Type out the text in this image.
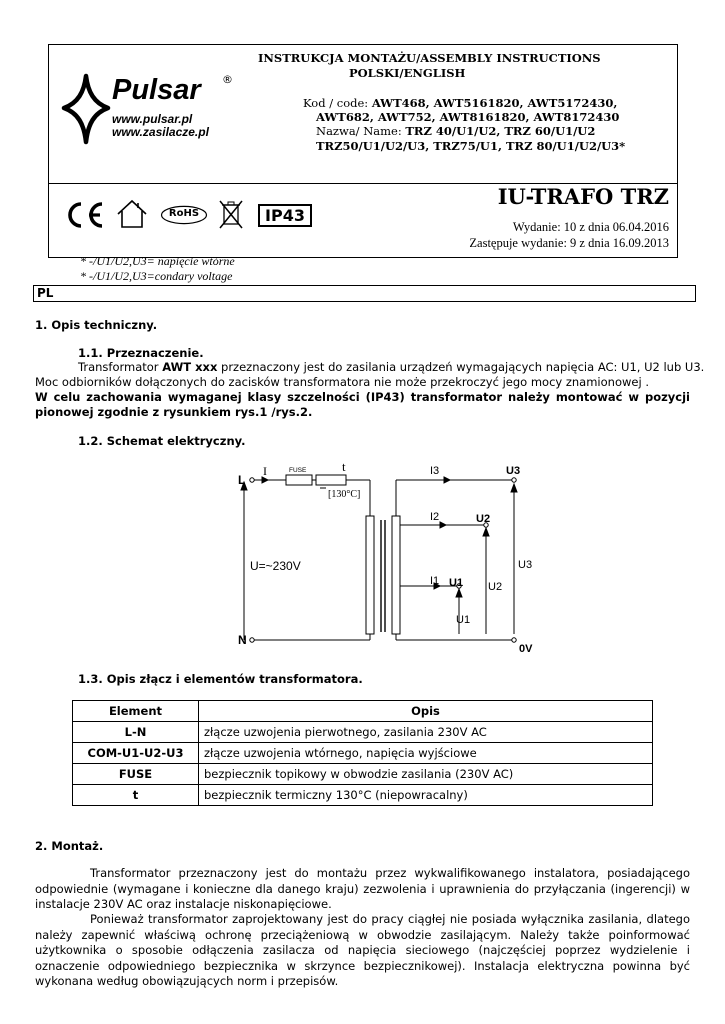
INSTRUKCJA MONTAŻU/ASSEMBLY INSTRUCTIONS
POLSKI/ENGLISH
Kod / code: AWT468, AWT5161820, AWT5172430,
AWT682, AWT752, AWT8161820, AWT8172430
Nazwa/ Name: TRZ 40/U1/U2, TRZ 60/U1/U2
TRZ50/U1/U2/U3, TRZ75/U1, TRZ 80/U1/U2/U3*
Pulsar ®
www.pulsar.pl
www.zasilacze.pl
RoHS	IP43
IU-TRAFO TRZ
Wydanie: 10 z dnia 06.04.2016
Zastępuje wydanie: 9 z dnia 16.09.2013
* -/U1/U2,U3= napięcie wtórne
* -/U1/U2,U3=condary voltage
PL
1. Opis techniczny.
1.1. Przeznaczenie.
Transformator AWT xxx przeznaczony jest do zasilania urządzeń wymagających napięcia AC: U1, U2 lub U3.
Moc odbiorników dołączonych do zacisków transformatora nie może przekroczyć jego mocy znamionowej .
W celu zachowania wymaganej klasy szczelności (IP43) transformator należy montować w pozycji pionowej zgodnie z rysunkiem rys.1 /rys.2.
1.2. Schemat elektryczny.
L
N
I	FUSE	t
[130°C]
U=~230V
I3
I2
I1
U3
U2
U1
U3
U2
U1
0V
1.3. Opis złącz i elementów transformatora.
Element	Opis
L-N	złącze uzwojenia pierwotnego, zasilania 230V AC
COM-U1-U2-U3	złącze uzwojenia wtórnego, napięcia wyjściowe
FUSE	bezpiecznik topikowy w obwodzie zasilania (230V AC)
t	bezpiecznik termiczny 130°C (niepowracalny)
2. Montaż.
Transformator przeznaczony jest do montażu przez wykwalifikowanego instalatora, posiadającego odpowiednie (wymagane i konieczne dla danego kraju) zezwolenia i uprawnienia do przyłączania (ingerencji) w instalacje 230V AC oraz instalacje niskonapięciowe.
Ponieważ transformator zaprojektowany jest do pracy ciągłej nie posiada wyłącznika zasilania, dlatego należy zapewnić właściwą ochronę przeciążeniową w obwodzie zasilającym. Należy także poinformować użytkownika o sposobie odłączenia zasilacza od napięcia sieciowego (najczęściej poprzez wydzielenie i oznaczenie odpowiedniego bezpiecznika w skrzynce bezpiecznikowej). Instalacja elektryczna powinna być wykonana według obowiązujących norm i przepisów.
